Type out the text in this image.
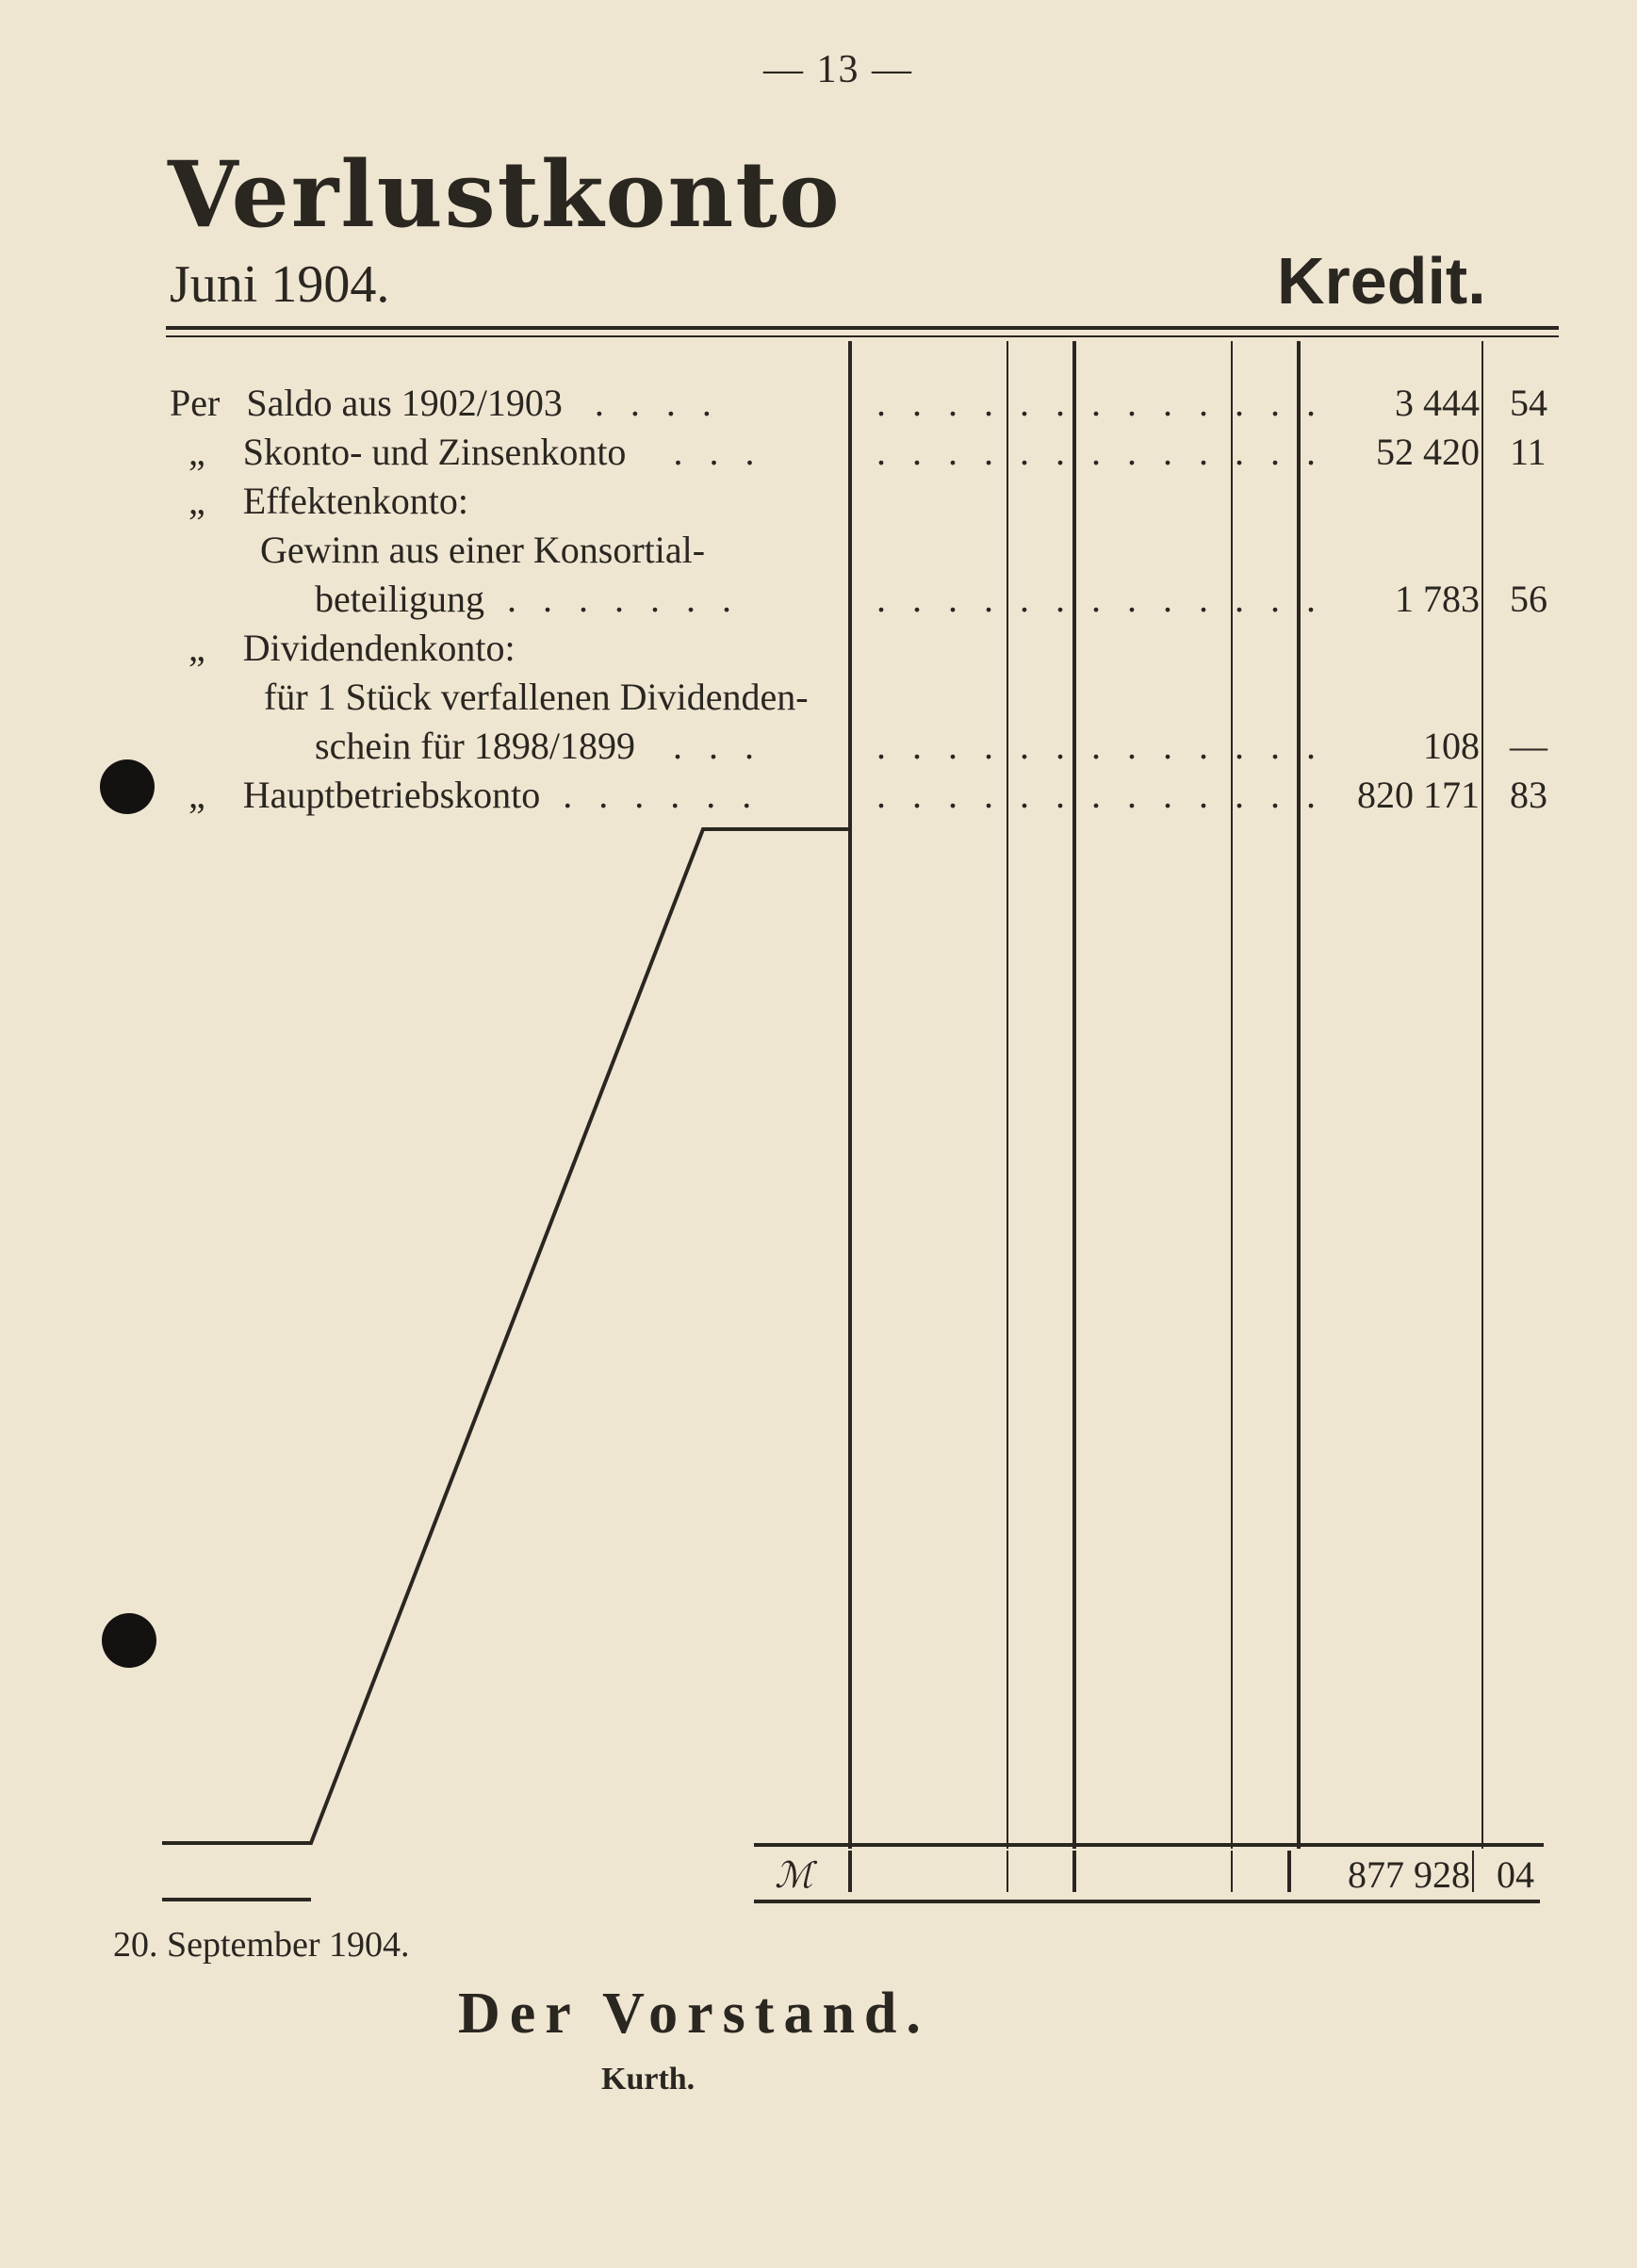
— 13 —
Verlustkonto
Juni 1904.	Kredit.
Per Saldo aus 1902/1903 . . . .	. . . . . . . . . . . . .	3 444 54
„ Skonto- und Zinsenkonto . . .	. . . . . . . . . . . . .	52 420 11
„ Effektenkonto:
Gewinn aus einer Konsortial-
beteiligung . . . . . . .	. . . . . . . . . . . . .	1 783 56
„ Dividendenkonto:
für 1 Stück verfallenen Dividenden-
schein für 1898/1899 . . .	. . . . . . . . . . . . .	108 —
„ Hauptbetriebskonto . . . . . .	. . . . . . . . . . . . . 820 171 83
ℳ	877 928 04
20. September 1904.
Der Vorstand.
Kurth.
